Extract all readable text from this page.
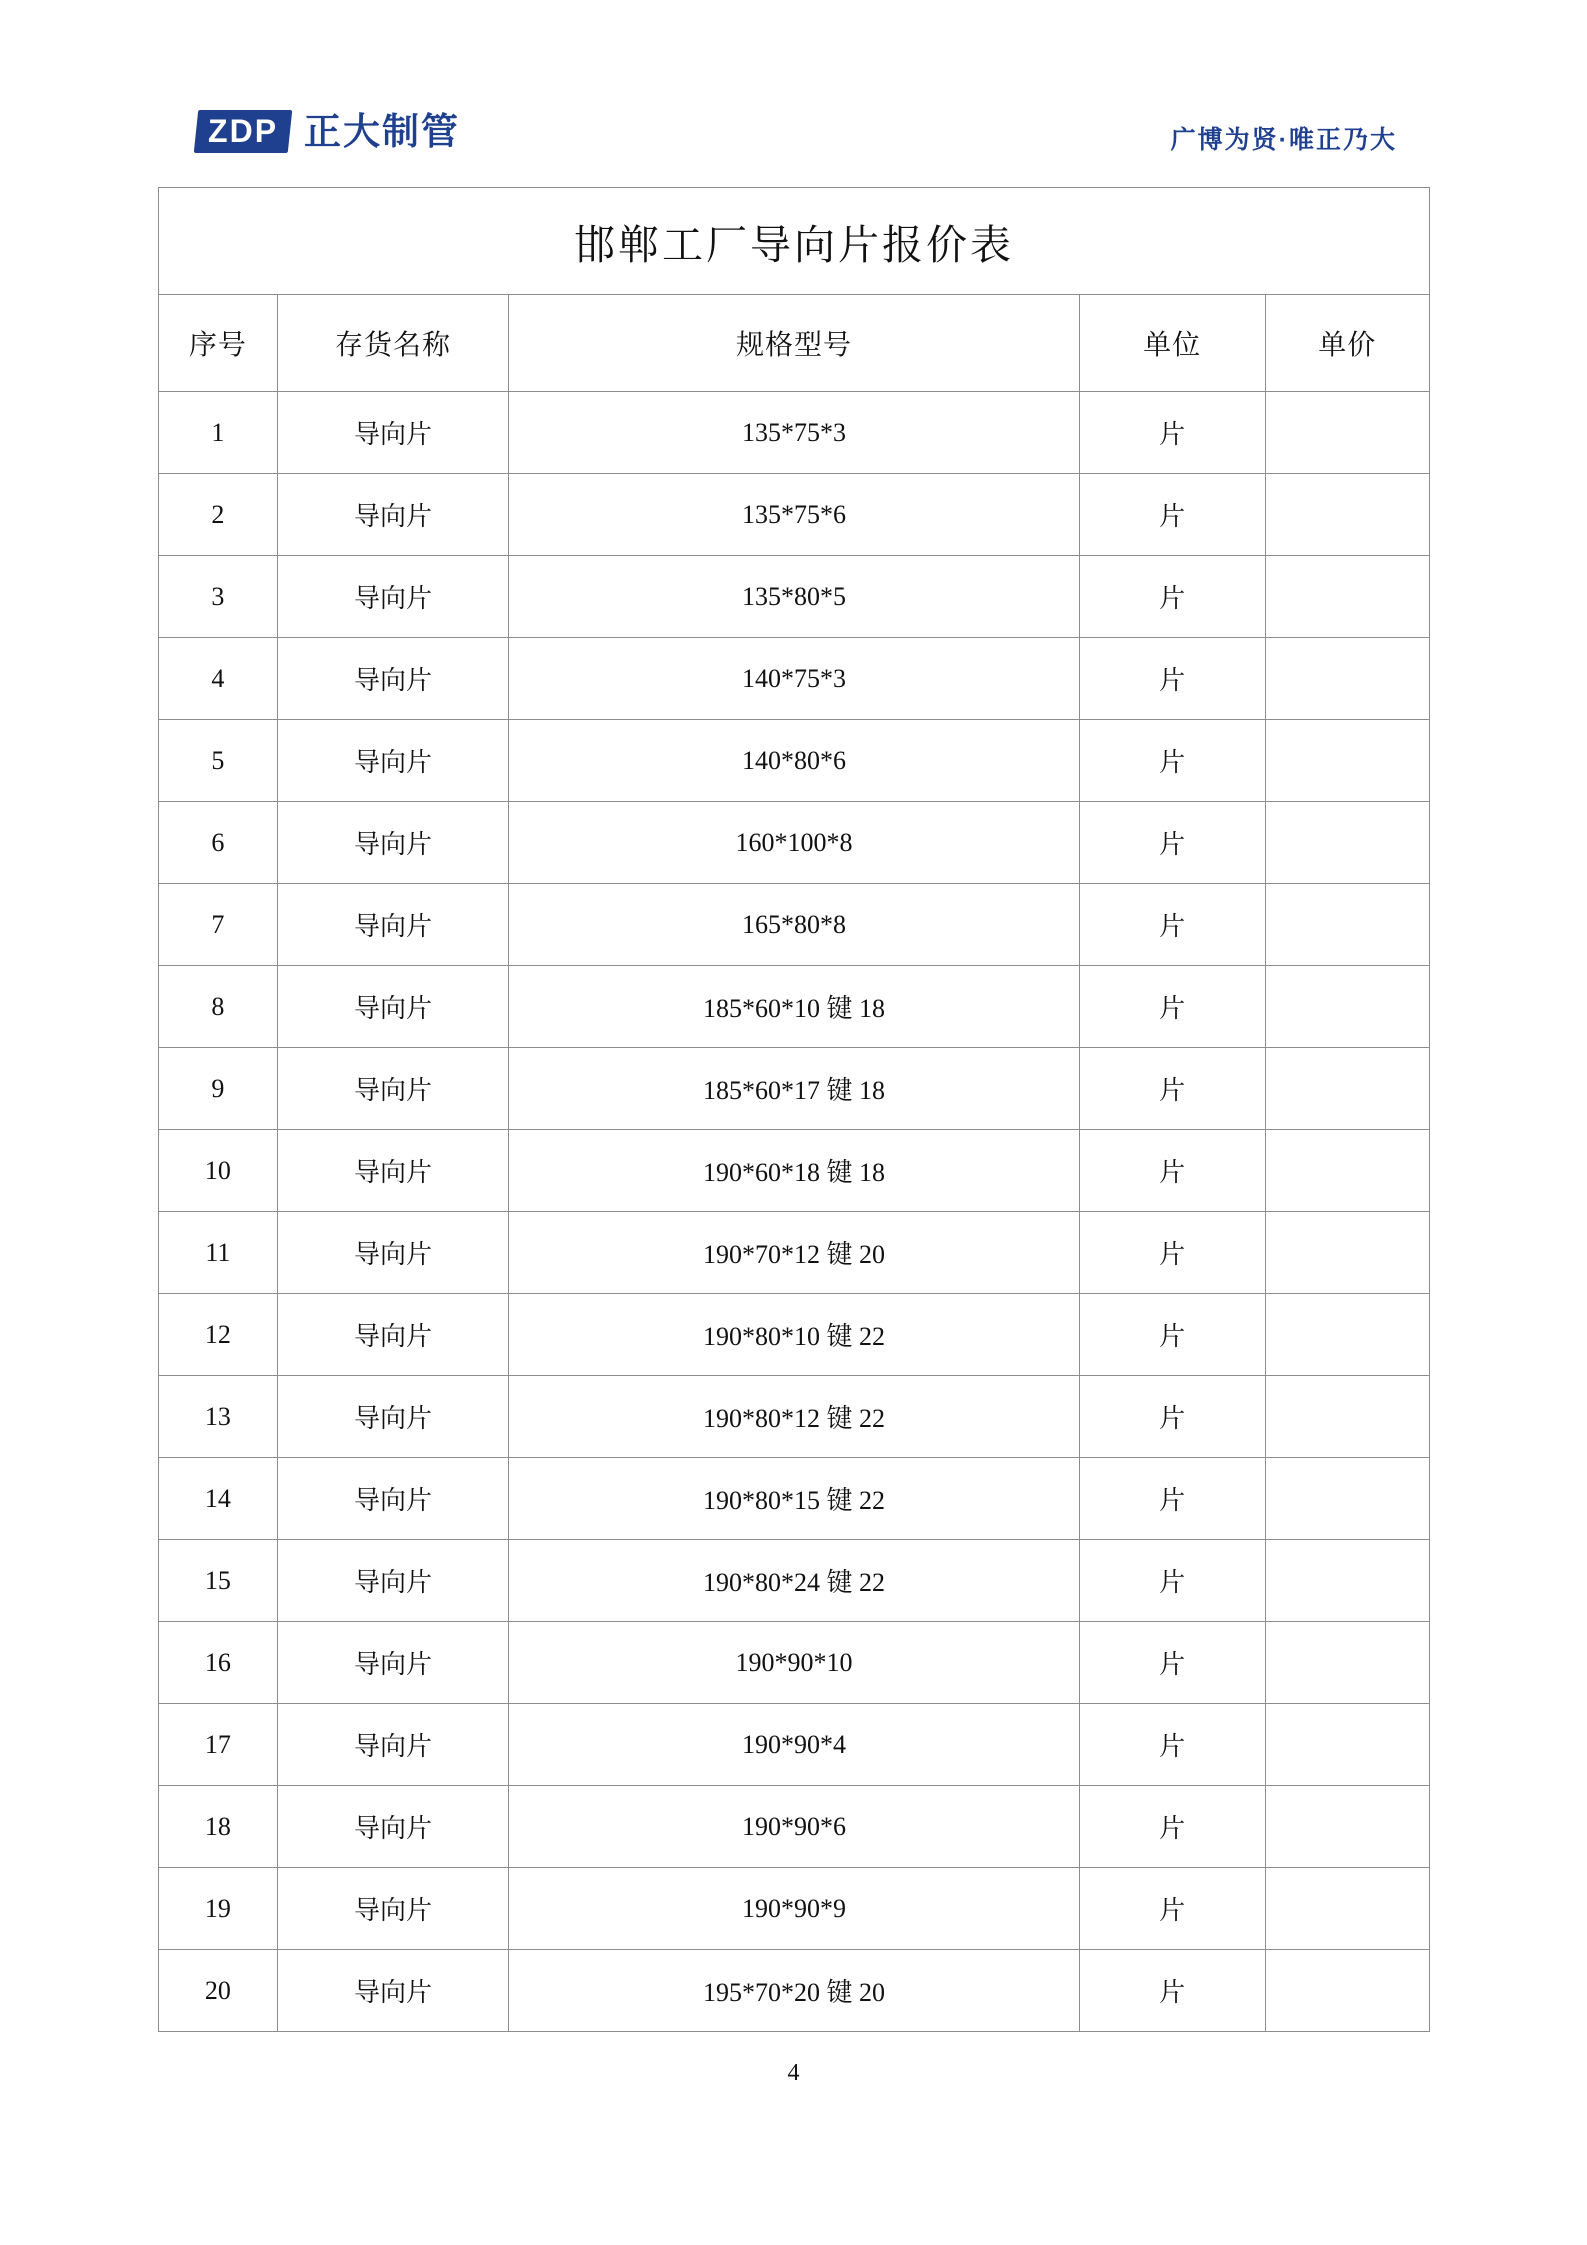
ZDP 正大制管	广博为贤·唯正乃大
邯郸工厂导向片报价表				
序号	存货名称	规格型号	单位	单价
1	导向片	135*75*3	片	
2	导向片	135*75*6	片	
3	导向片	135*80*5	片	
4	导向片	140*75*3	片	
5	导向片	140*80*6	片	
6	导向片	160*100*8	片	
7	导向片	165*80*8	片	
8	导向片	185*60*10 键 18	片	
9	导向片	185*60*17 键 18	片	
10	导向片	190*60*18 键 18	片	
11	导向片	190*70*12 键 20	片	
12	导向片	190*80*10 键 22	片	
13	导向片	190*80*12 键 22	片	
14	导向片	190*80*15 键 22	片	
15	导向片	190*80*24 键 22	片	
16	导向片	190*90*10	片	
17	导向片	190*90*4	片	
18	导向片	190*90*6	片	
19	导向片	190*90*9	片	
20	导向片	195*70*20 键 20	片	
4
